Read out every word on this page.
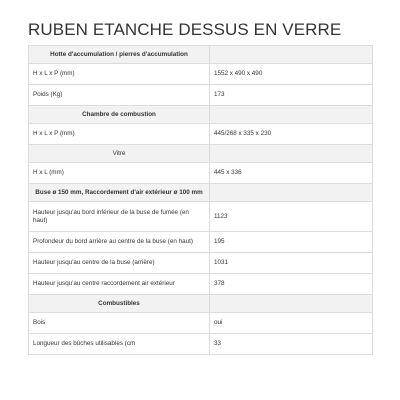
RUBEN ETANCHE DESSUS EN VERRE
Hotte d'accumulation / pierres d'accumulation	
H x L x P (mm)	1552 x 490 x 490
Poids (Kg)	173
Chambre de combustion	
H x L x P (mm)	445/268 x 335 x 230
Vitre	
H x L (mm)	445 x 336
Buse ø 150 mm, Raccordement d'air extérieur ø 100 mm	
Hauteur jusqu'au bord inférieur de la buse de fumée (en haut)	1123
Profondeur du bord arrière au centre de la buse (en haut)	195
Hauteur jusqu'au centre de la buse (arrière)	1031
Hauteur jusqu'au centre raccordement air extérieur	378
Combustibles	
Bois	oui
Longueur des bûches utilisables (cm	33
